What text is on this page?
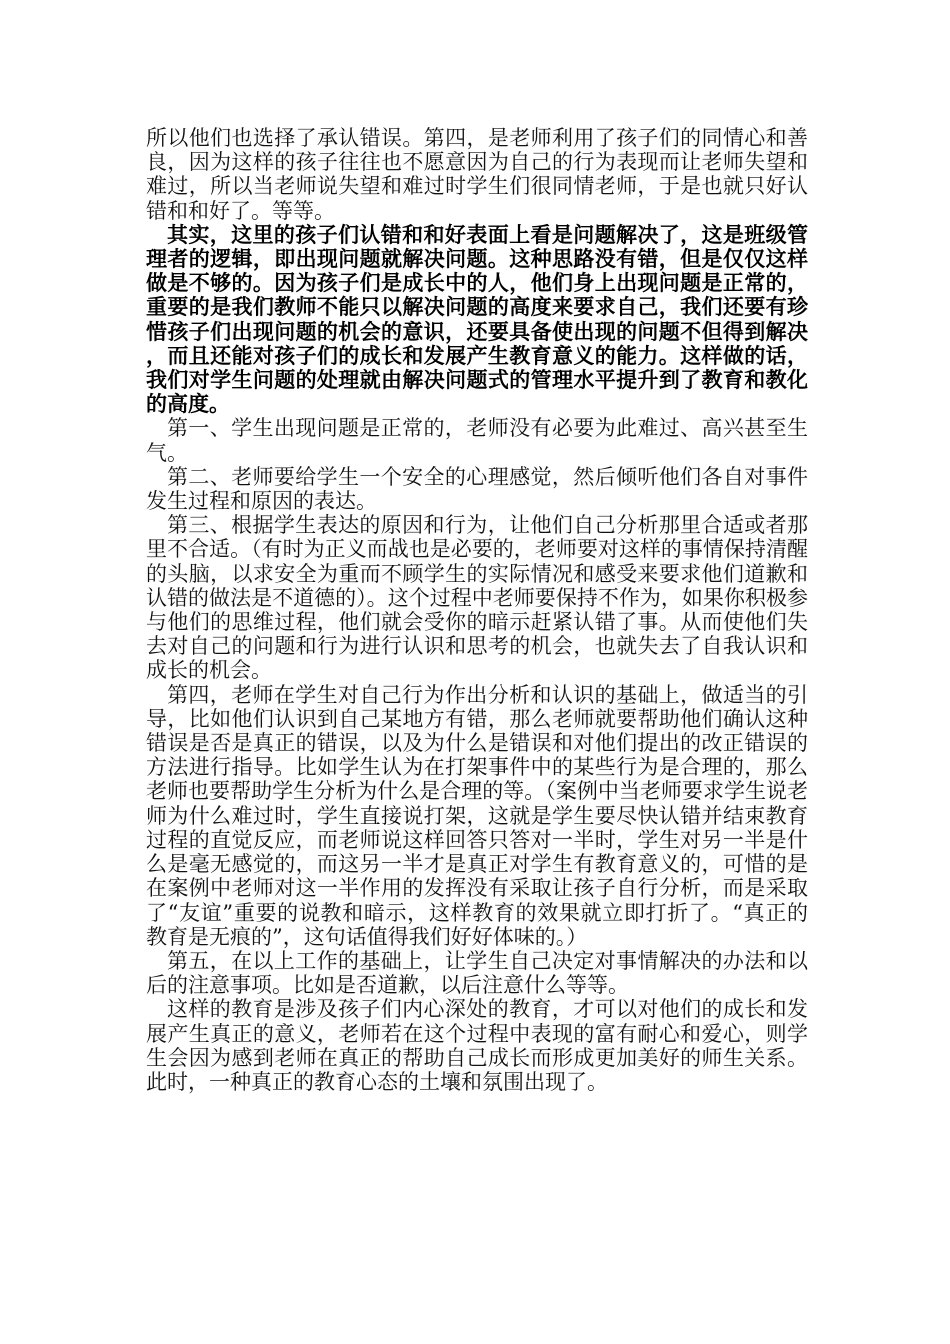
所以他们也选择了承认错误。第四，是老师利用了孩子们的同情心和善良，因为这样的孩子往往也不愿意因为自己的行为表现而让老师失望和难过，所以当老师说失望和难过时学生们很同情老师，于是也就只好认错和和好了。等等。

其实，这里的孩子们认错和和好表面上看是问题解决了，这是班级管理者的逻辑，即出现问题就解决问题。这种思路没有错，但是仅仅这样做是不够的。因为孩子们是成长中的人，他们身上出现问题是正常的，重要的是我们教师不能只以解决问题的高度来要求自己，我们还要有珍惜孩子们出现问题的机会的意识，还要具备使出现的问题不但得到解决，而且还能对孩子们的成长和发展产生教育意义的能力。这样做的话，我们对学生问题的处理就由解决问题式的管理水平提升到了教育和教化的高度。

第一、学生出现问题是正常的，老师没有必要为此难过、高兴甚至生气。

第二、老师要给学生一个安全的心理感觉，然后倾听他们各自对事件发生过程和原因的表达。

第三、根据学生表达的原因和行为，让他们自己分析那里合适或者那里不合适。（有时为正义而战也是必要的，老师要对这样的事情保持清醒的头脑，以求安全为重而不顾学生的实际情况和感受来要求他们道歉和认错的做法是不道德的）。这个过程中老师要保持不作为，如果你积极参与他们的思维过程，他们就会受你的暗示赶紧认错了事。从而使他们失去对自己的问题和行为进行认识和思考的机会，也就失去了自我认识和成长的机会。

第四，老师在学生对自己行为作出分析和认识的基础上，做适当的引导，比如他们认识到自己某地方有错，那么老师就要帮助他们确认这种错误是否是真正的错误，以及为什么是错误和对他们提出的改正错误的方法进行指导。比如学生认为在打架事件中的某些行为是合理的，那么老师也要帮助学生分析为什么是合理的等。（案例中当老师要求学生说老师为什么难过时，学生直接说打架，这就是学生要尽快认错并结束教育过程的直觉反应，而老师说这样回答只答对一半时，学生对另一半是什么是毫无感觉的，而这另一半才是真正对学生有教育意义的，可惜的是在案例中老师对这一半作用的发挥没有采取让孩子自行分析，而是采取了“友谊”重要的说教和暗示，这样教育的效果就立即打折了。“真正的教育是无痕的”，这句话值得我们好好体味的。）

第五，在以上工作的基础上，让学生自己决定对事情解决的办法和以后的注意事项。比如是否道歉，以后注意什么等等。

这样的教育是涉及孩子们内心深处的教育，才可以对他们的成长和发展产生真正的意义，老师若在这个过程中表现的富有耐心和爱心，则学生会因为感到老师在真正的帮助自己成长而形成更加美好的师生关系。此时，一种真正的教育心态的土壤和氛围出现了。
